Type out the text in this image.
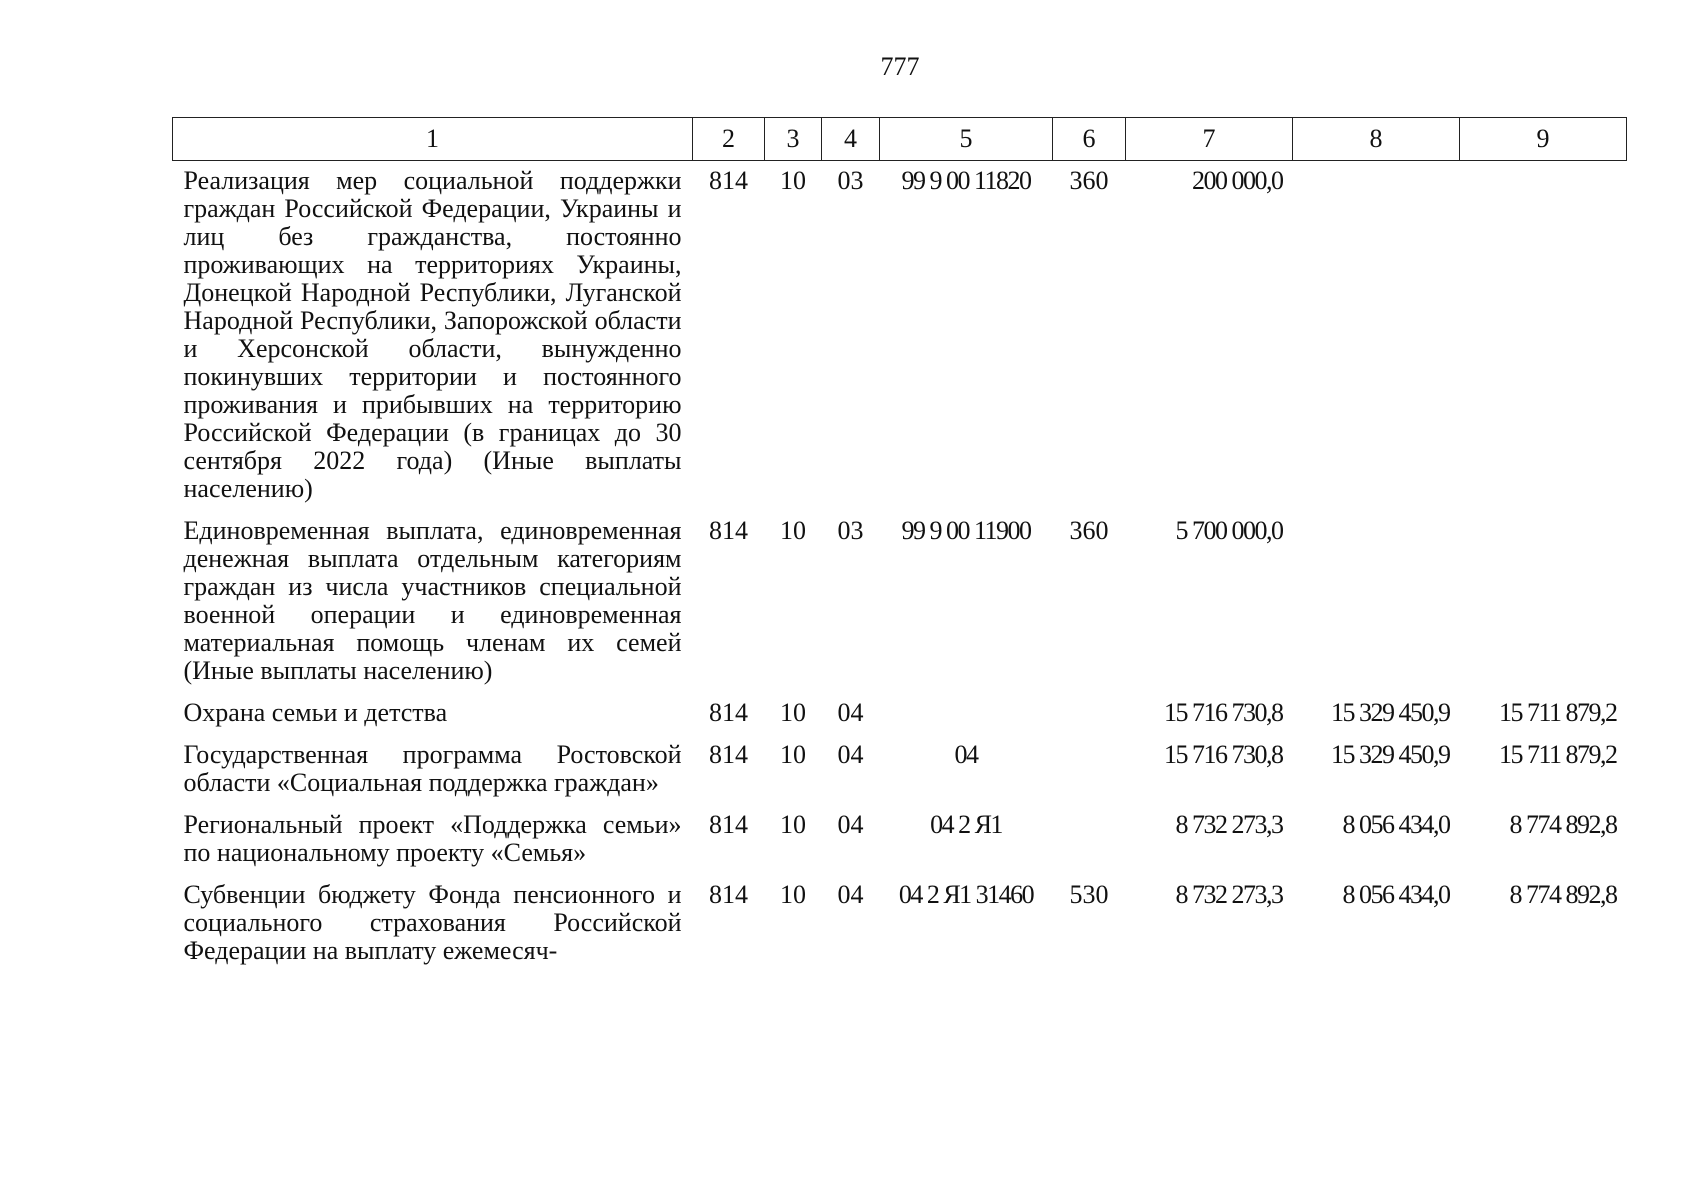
777
1	2	3	4	5	6	7	8	9
Реализация мер социальной поддержки граждан Российской Федерации, Украины и лиц без гражданства, постоянно проживающих на территориях Украины, Донецкой Народной Республики, Луганской Народной Республики, Запорожской области и Херсонской области, вынужденно покинувших территории и постоянного проживания и прибывших на территорию Российской Федерации (в границах до 30 сентября 2022 года) (Иные выплаты населению)	814	10	03	99 9 00 11820	360	200 000,0		
Единовременная выплата, единовременная денежная выплата отдельным категориям граждан из числа участников специальной военной операции и единовременная материальная помощь членам их семей (Иные выплаты населению)	814	10	03	99 9 00 11900	360	5 700 000,0		
Охрана семьи и детства	814	10	04			15 716 730,8	15 329 450,9	15 711 879,2
Государственная программа Ростовской области «Социальная поддержка граждан»	814	10	04	04		15 716 730,8	15 329 450,9	15 711 879,2
Региональный проект «Поддержка семьи» по национальному проекту «Семья»	814	10	04	04 2 Я1		8 732 273,3	8 056 434,0	8 774 892,8
Субвенции бюджету Фонда пенсионного и социального страхования Российской Федерации на выплату ежемесяч-	814	10	04	04 2 Я1 31460	530	8 732 273,3	8 056 434,0	8 774 892,8
